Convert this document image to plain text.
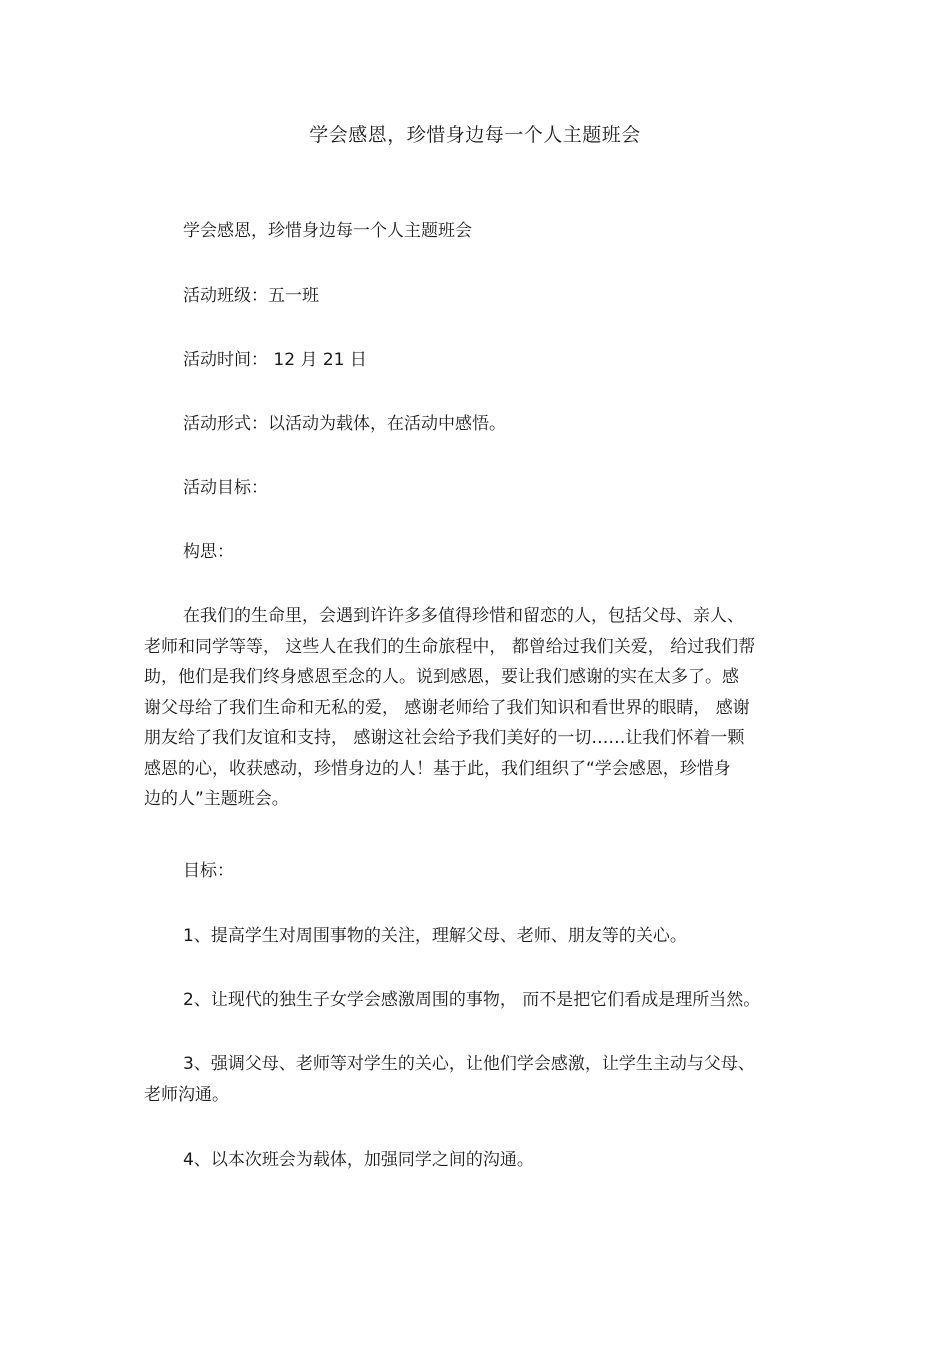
学会感恩，珍惜身边每一个人主题班会
学会感恩，珍惜身边每一个人主题班会
活动班级：五一班
活动时间： 12 月 21 日
活动形式：以活动为载体，在活动中感悟。
活动目标：
构思：

在我们的生命里，会遇到许许多多值得珍惜和留恋的人，包括父母、亲人、

老师和同学等等， 这些人在我们的生命旅程中， 都曾给过我们关爱， 给过我们帮

助，他们是我们终身感恩至念的人。说到感恩，要让我们感谢的实在太多了。感

谢父母给了我们生命和无私的爱， 感谢老师给了我们知识和看世界的眼睛， 感谢

朋友给了我们友谊和支持， 感谢这社会给予我们美好的一切……让我们怀着一颗

感恩的心，收获感动，珍惜身边的人！基于此，我们组织了“学会感恩，珍惜身

边的人”主题班会。

目标：
1、提高学生对周围事物的关注，理解父母、老师、朋友等的关心。
2、让现代的独生子女学会感激周围的事物， 而不是把它们看成是理所当然。

3、强调父母、老师等对学生的关心，让他们学会感激，让学生主动与父母、

老师沟通。

4、以本次班会为载体，加强同学之间的沟通。
